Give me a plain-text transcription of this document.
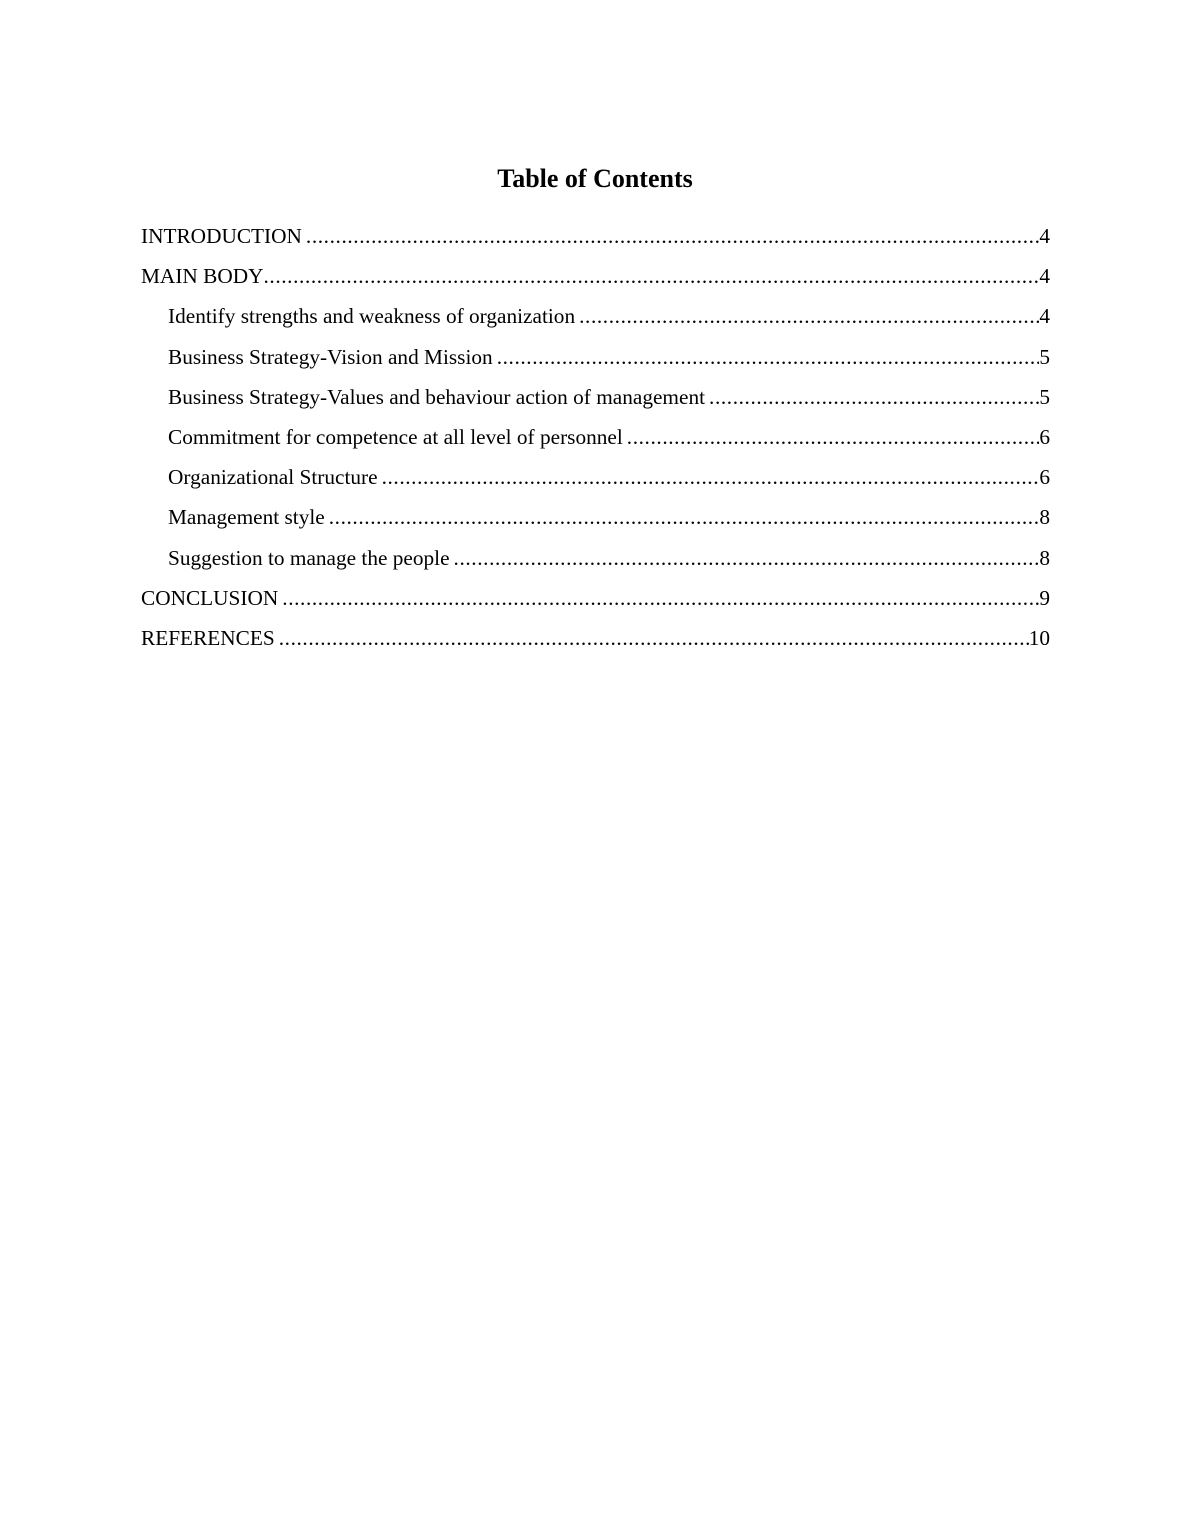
Table of Contents
INTRODUCTION .....	4
MAIN BODY .....	4
Identify strengths and weakness of organization .....	4
Business Strategy-Vision and Mission .....	5
Business Strategy-Values and behaviour action of management .....	5
Commitment for competence at all level of personnel .....	6
Organizational Structure .....	6
Management style .....	8
Suggestion to manage the people .....	8
CONCLUSION .....	9
REFERENCES .....	10
